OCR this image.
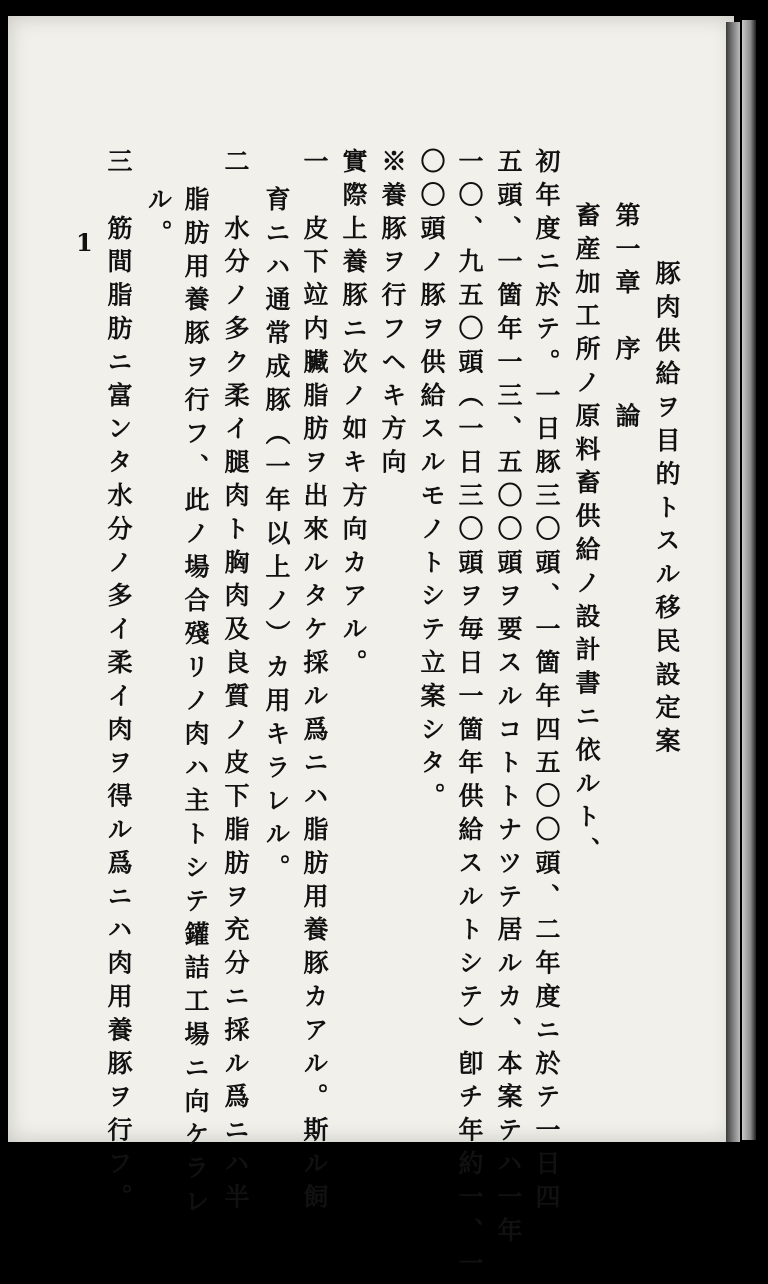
豚肉供給ヲ目的トスル移民設定案
第一章　序　論
畜産加工所ノ原料畜供給ノ設計書ニ依ルト、
初年度ニ於テ。一日豚三〇頭、一箇年四五〇〇頭、二年度ニ於テ一日四
五頭、一箇年一三、五〇〇頭ヲ要スルコトトナツテ居ルカ、本案テハ一年
一〇、九五〇頭（一日三〇頭ヲ毎日一箇年供給スルトシテ）卽チ年約一、一
〇〇頭ノ豚ヲ供給スルモノトシテ立案シタ。
※養豚ヲ行フヘキ方向
實際上養豚ニ次ノ如キ方向カアル。
一　皮下竝内臟脂肪ヲ出來ルタケ採ル爲ニハ脂肪用養豚カアル。斯ル飼
育ニハ通常成豚（一年以上ノ）カ用キラレル。
二　水分ノ多ク柔イ腿肉ト胸肉及良質ノ皮下脂肪ヲ充分ニ採ル爲ニハ半
脂肪用養豚ヲ行フ、此ノ場合殘リノ肉ハ主トシテ鑵詰工場ニ向ケラレ
ル。
三　筋間脂肪ニ富ンタ水分ノ多イ柔イ肉ヲ得ル爲ニハ肉用養豚ヲ行フ。
1
